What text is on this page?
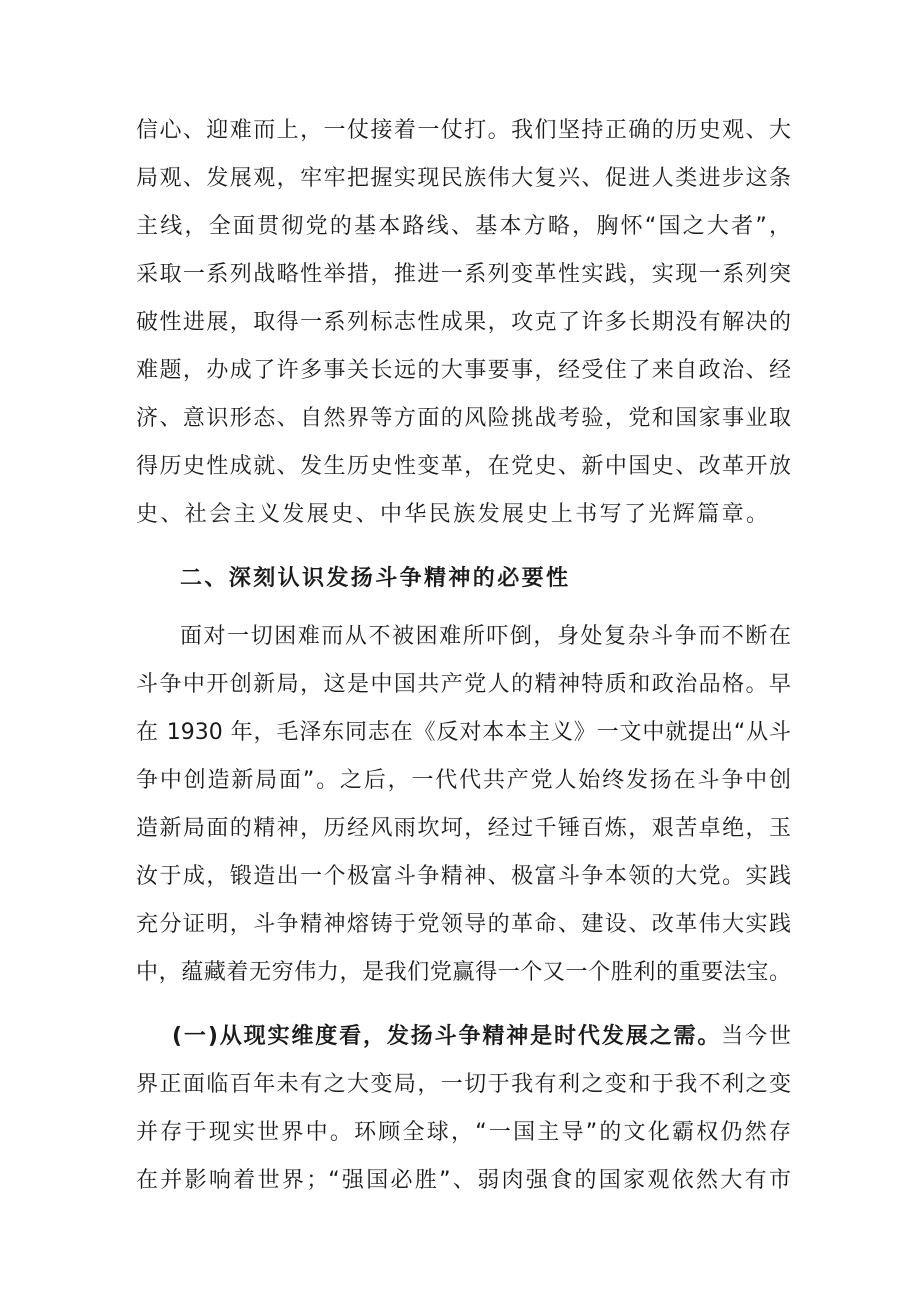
信心、迎难而上，一仗接着一仗打。我们坚持正确的历史观、大
局观、发展观，牢牢把握实现民族伟大复兴、促进人类进步这条
主线，全面贯彻党的基本路线、基本方略，胸怀“国之大者”，
采取一系列战略性举措，推进一系列变革性实践，实现一系列突
破性进展，取得一系列标志性成果，攻克了许多长期没有解决的
难题，办成了许多事关长远的大事要事，经受住了来自政治、经
济、意识形态、自然界等方面的风险挑战考验，党和国家事业取
得历史性成就、发生历史性变革，在党史、新中国史、改革开放
史、社会主义发展史、中华民族发展史上书写了光辉篇章。
二、深刻认识发扬斗争精神的必要性
面对一切困难而从不被困难所吓倒，身处复杂斗争而不断在
斗争中开创新局，这是中国共产党人的精神特质和政治品格。早
在 1930 年，毛泽东同志在《反对本本主义》一文中就提出“从斗
争中创造新局面”。之后，一代代共产党人始终发扬在斗争中创
造新局面的精神，历经风雨坎坷，经过千锤百炼，艰苦卓绝，玉
汝于成，锻造出一个极富斗争精神、极富斗争本领的大党。实践
充分证明，斗争精神熔铸于党领导的革命、建设、改革伟大实践
中，蕴藏着无穷伟力，是我们党赢得一个又一个胜利的重要法宝。
(一)从现实维度看，发扬斗争精神是时代发展之需。当今世
界正面临百年未有之大变局，一切于我有利之变和于我不利之变
并存于现实世界中。环顾全球，“一国主导”的文化霸权仍然存
在并影响着世界；“强国必胜”、弱肉强食的国家观依然大有市
